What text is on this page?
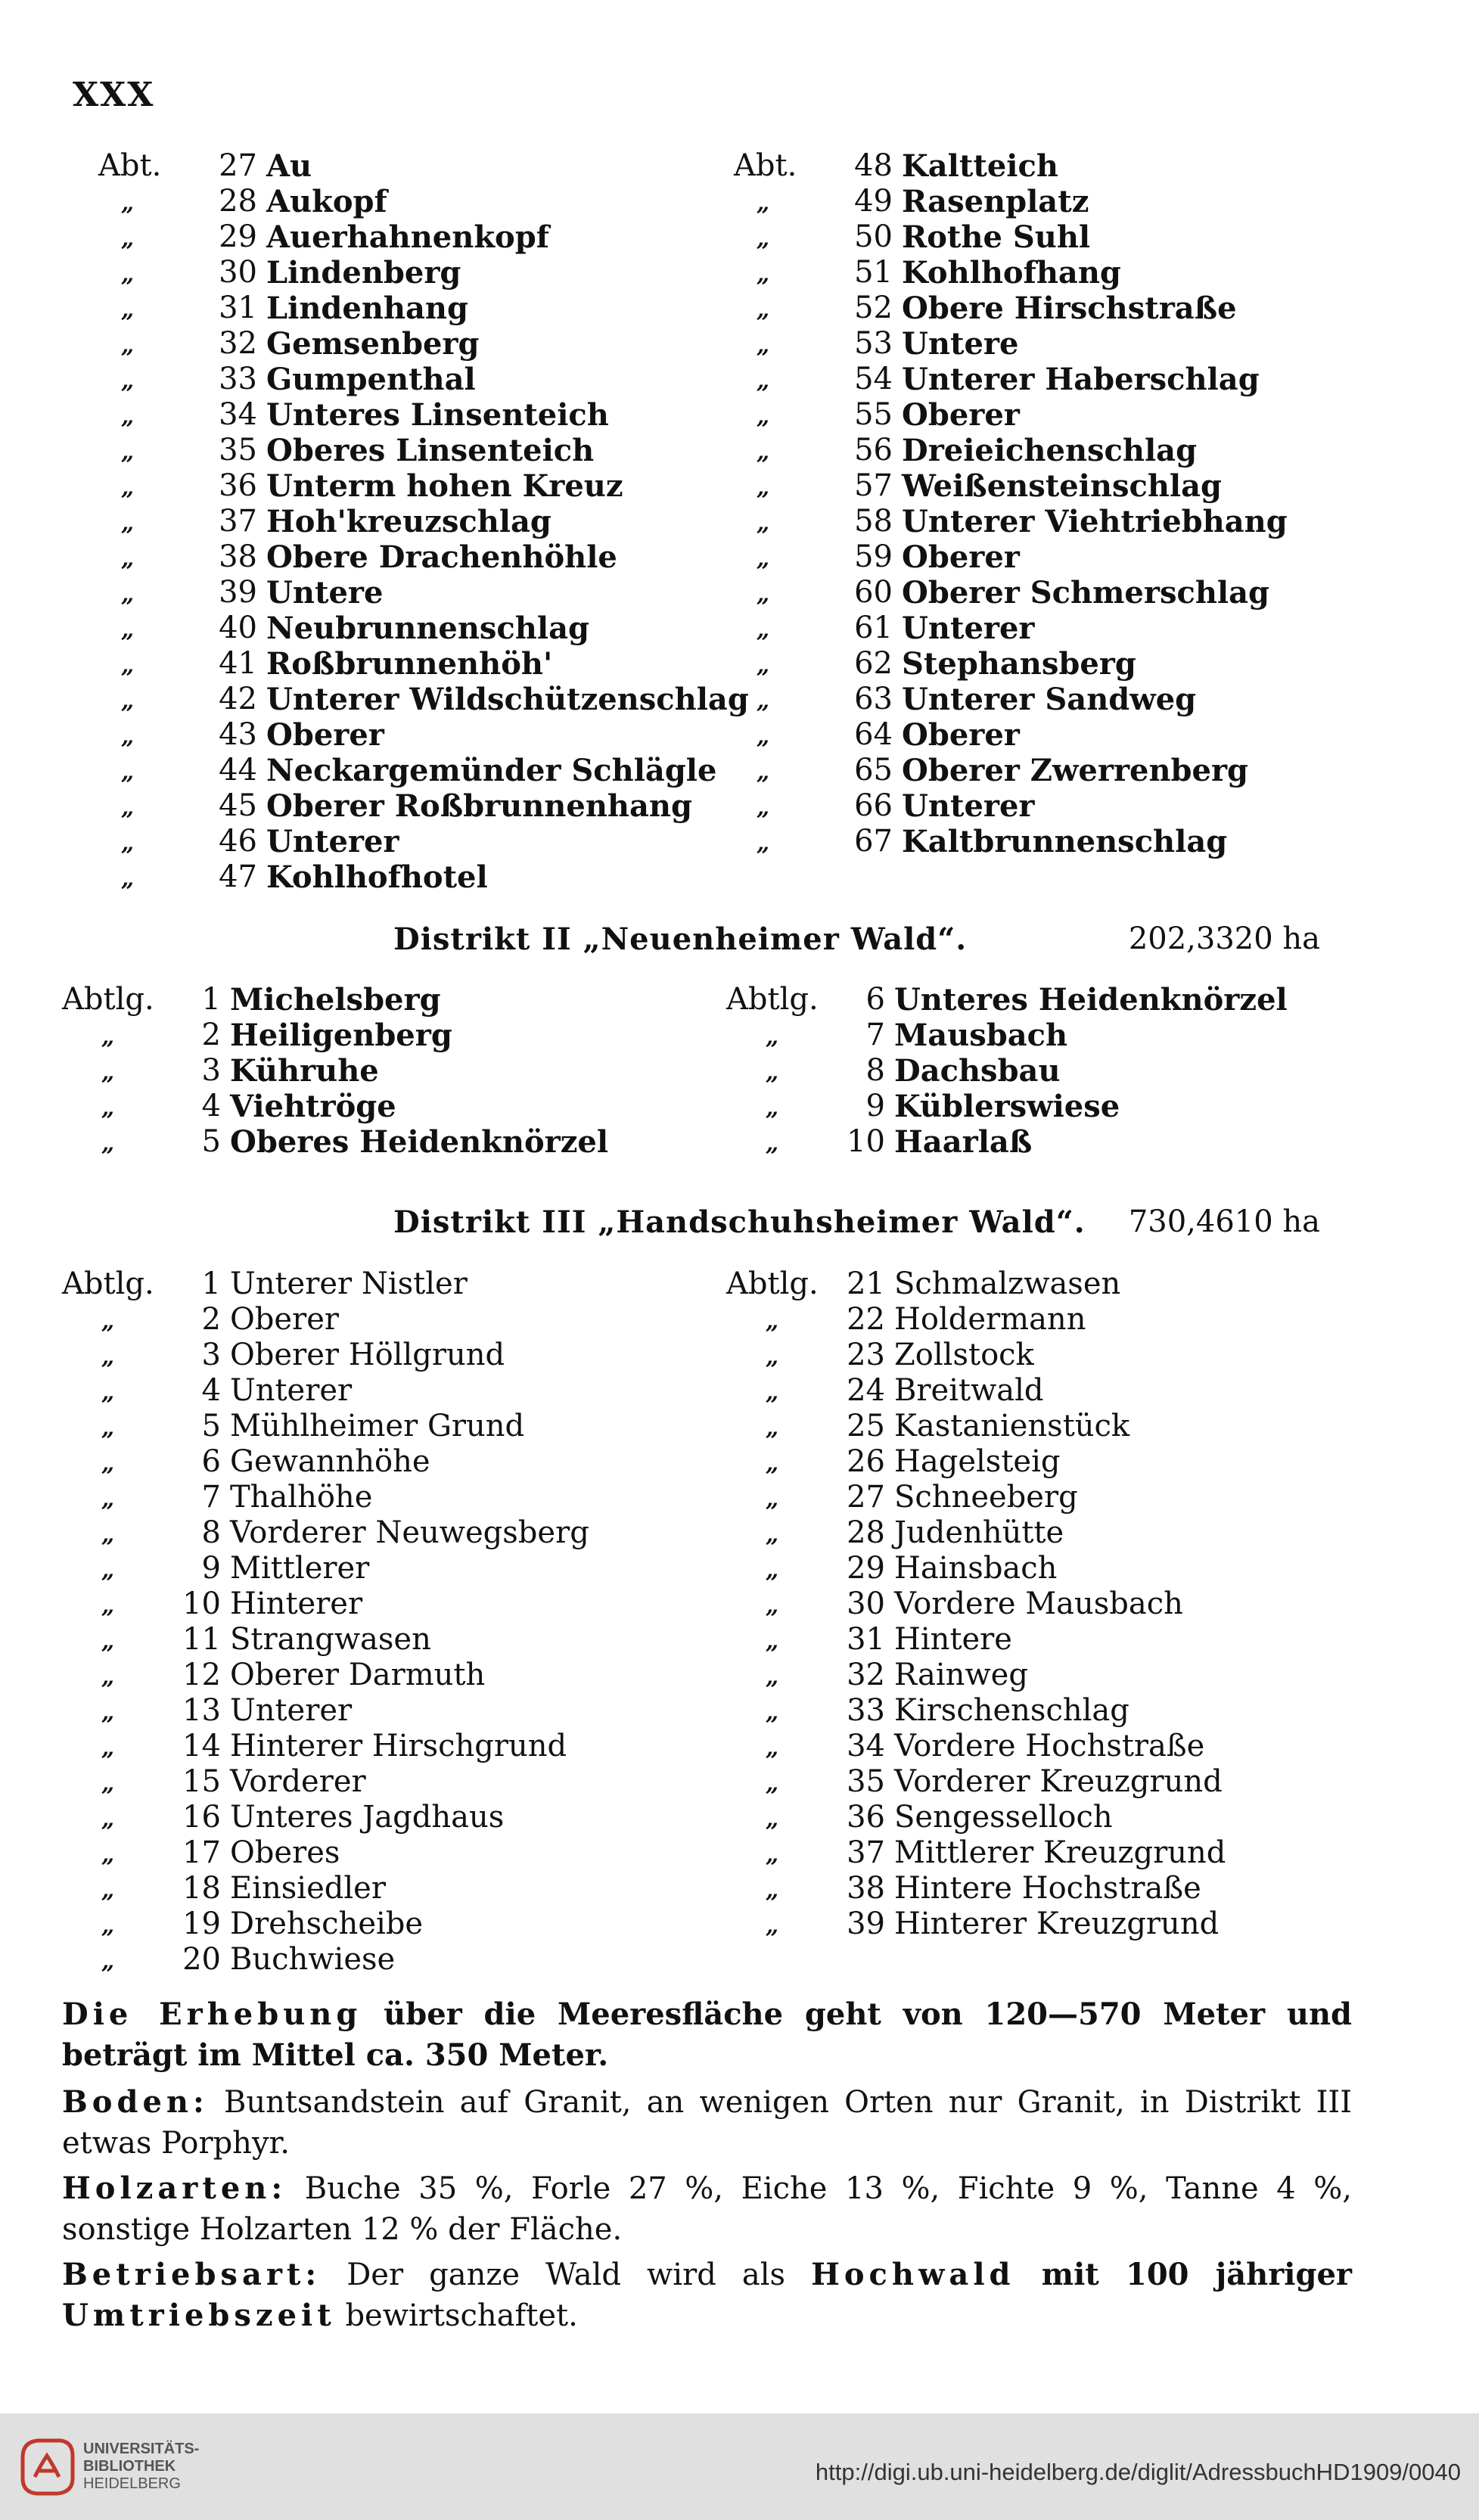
XXX
Abt.	27 Au
„	28 Aukopf
„	29 Auerhahnenkopf
„	30 Lindenberg
„	31 Lindenhang
„	32 Gemsenberg
„	33 Gumpenthal
„	34 Unteres Linsenteich
„	35 Oberes Linsenteich
„	36 Unterm hohen Kreuz
„	37 Hoh'kreuzschlag
„	38 Obere Drachenhöhle
„	39 Untere
„	40 Neubrunnenschlag
„	41 Roßbrunnenhöh'
„	42 Unterer Wildschützenschlag
„	43 Oberer
„	44 Neckargemünder Schlägle
„	45 Oberer Roßbrunnenhang
„	46 Unterer
„	47 Kohlhofhotel
Abt.	48 Kaltteich
„	49 Rasenplatz
„	50 Rothe Suhl
„	51 Kohlhofhang
„	52 Obere Hirschstraße
„	53 Untere
„	54 Unterer Haberschlag
„	55 Oberer
„	56 Dreieichenschlag
„	57 Weißensteinschlag
„	58 Unterer Viehtriebhang
„	59 Oberer
„	60 Oberer Schmerschlag
„	61 Unterer
„	62 Stephansberg
„	63 Unterer Sandweg
„	64 Oberer
„	65 Oberer Zwerrenberg
„	66 Unterer
„	67 Kaltbrunnenschlag
Distrikt II „Neuenheimer Wald“.	202,3320 ha
Abtlg.	1 Michelsberg
„	2 Heiligenberg
„	3 Kühruhe
„	4 Viehtröge
„	5 Oberes Heidenknörzel
Abtlg.	6 Unteres Heidenknörzel
„	7 Mausbach
„	8 Dachsbau
„	9 Küblerswiese
„	10 Haarlaß
Distrikt III „Handschuhsheimer Wald“. 730,4610 ha
Abtlg.	1 Unterer Nistler
„	2 Oberer
„	3 Oberer Höllgrund
„	4 Unterer
„	5 Mühlheimer Grund
„	6 Gewannhöhe
„	7 Thalhöhe
„	8 Vorderer Neuwegsberg
„	9 Mittlerer
„	10 Hinterer
„	11 Strangwasen
„	12 Oberer Darmuth
„	13 Unterer
„	14 Hinterer Hirschgrund
„	15 Vorderer
„	16 Unteres Jagdhaus
„	17 Oberes
„	18 Einsiedler
„	19 Drehscheibe
„	20 Buchwiese
Abtlg. 21 Schmalzwasen
„	22 Holdermann
„	23 Zollstock
„	24 Breitwald
„	25 Kastanienstück
„	26 Hagelsteig
„	27 Schneeberg
„	28 Judenhütte
„	29 Hainsbach
„	30 Vordere Mausbach
„	31 Hintere
„	32 Rainweg
„	33 Kirschenschlag
„	34 Vordere Hochstraße
„	35 Vorderer Kreuzgrund
„	36 Sengesselloch
„	37 Mittlerer Kreuzgrund
„	38 Hintere Hochstraße
„	39 Hinterer Kreuzgrund
Die Erhebung über die Meeresfläche geht von 120—570 Meter und beträgt im Mittel ca. 350 Meter.
Boden: Buntsandstein auf Granit, an wenigen Orten nur Granit, in Distrikt III etwas Porphyr.
Holzarten: Buche 35 %, Forle 27 %, Eiche 13 %, Fichte 9 %, Tanne 4 %, sonstige Holzarten 12 % der Fläche.
Betriebsart: Der ganze Wald wird als Hochwald mit 100 jähriger Umtriebszeit bewirtschaftet.
UNIVERSITÄTS-
BIBLIOTHEK
HEIDELBERG	http://digi.ub.uni-heidelberg.de/diglit/AdressbuchHD1909/0040
